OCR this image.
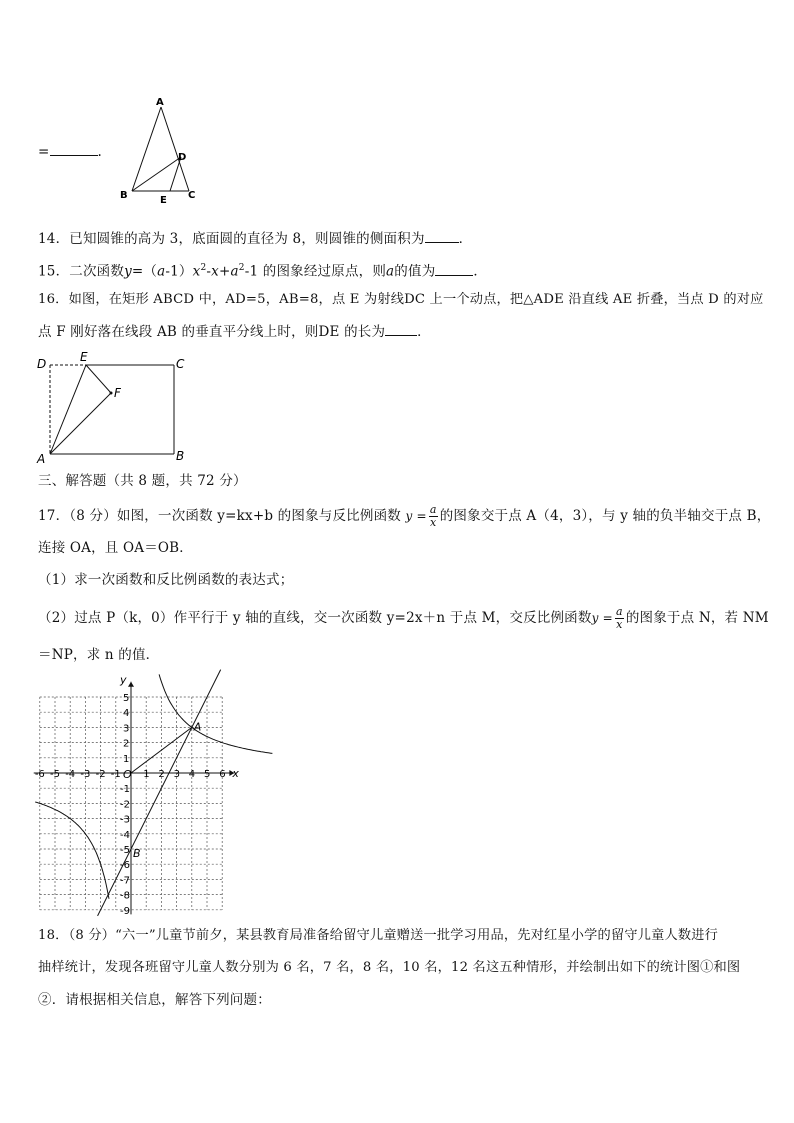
=	.
A
B	C
D
E
14．已知圆锥的高为 3，底面圆的直径为 8，则圆锥的侧面积为	．
15．二次函数$y=(a-1)x^2-x+a^2-1$ 的图象经过原点，则a的值为	．
16．如图，在矩形 ABCD 中，AD=5，AB=8，点 E 为射线DC 上一个动点，把△ADE 沿直线 AE 折叠，当点 D 的对应
点 F 刚好落在线段 AB 的垂直平分线上时，则DE 的长为 ．
D	E	C
F
A	B
三、解答题（共 8 题，共 72 分）
17．（8 分）如图，一次函数 y=kx+b 的图象与反比例函数 $y = \frac{a}{x}$ 的图象交于点 A（4，3），与 y 轴的负半轴交于点 B，
连接 OA，且 OA＝OB．
（1）求一次函数和反比例函数的表达式；
（2）过点 P（k，0）作平行于 y 轴的直线，交一次函数 y=2x＋n 于点 M，交反比例函数$y = \frac{a}{x}$ 的图象于点 N，若 NM
＝NP，求 n 的值．
-6 -5 -4 -3 -2 -1 1 2 3 4 5 6
1
2
3
4
5
-1
-2
-3
-4
-5
-6
-7
-8
-9
y
x
O
A
B
18．（8 分）“六一”儿童节前夕，某县教育局准备给留守儿童赠送一批学习用品，先对红星小学的留守儿童人数进行
抽样统计，发现各班留守儿童人数分别为 6 名，7 名，8 名，10 名，12 名这五种情形，并绘制出如下的统计图①和图
②．请根据相关信息，解答下列问题：
